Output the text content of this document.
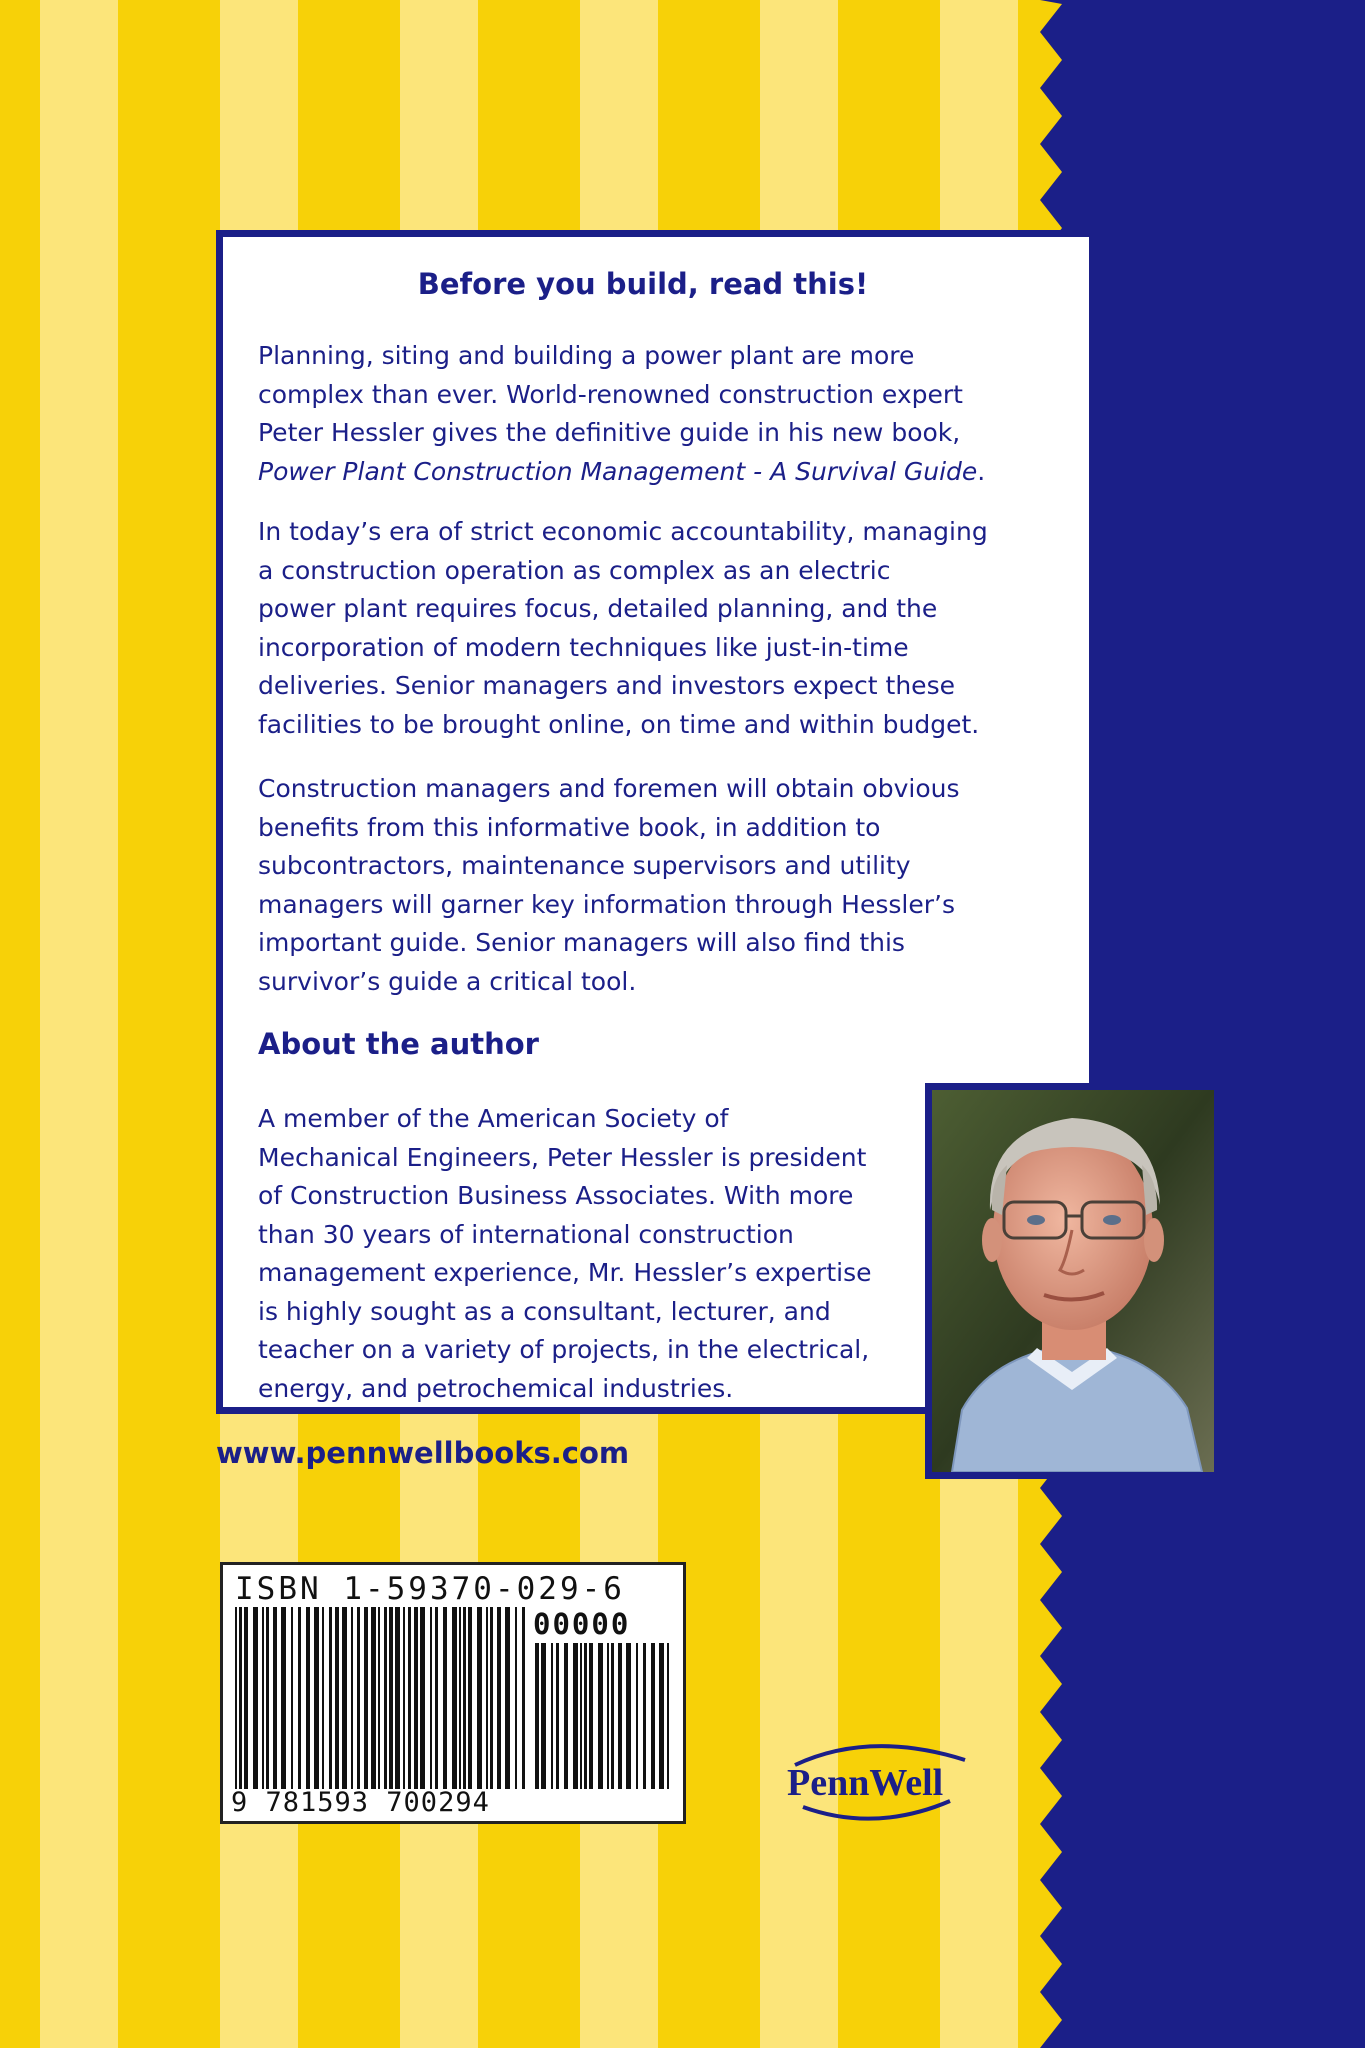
Before you build, read this!

Planning, siting and building a power plant are more
complex than ever. World-renowned construction expert
Peter Hessler gives the definitive guide in his new book,
Power Plant Construction Management - A Survival Guide.

In today’s era of strict economic accountability, managing
a construction operation as complex as an electric
power plant requires focus, detailed planning, and the
incorporation of modern techniques like just-in-time
deliveries. Senior managers and investors expect these
facilities to be brought online, on time and within budget.

Construction managers and foremen will obtain obvious
benefits from this informative book, in addition to
subcontractors, maintenance supervisors and utility
managers will garner key information through Hessler’s
important guide. Senior managers will also find this
survivor’s guide a critical tool.

About the author

A member of the American Society of
Mechanical Engineers, Peter Hessler is president
of Construction Business Associates. With more
than 30 years of international construction
management experience, Mr. Hessler’s expertise
is highly sought as a consultant, lecturer, and
teacher on a variety of projects, in the electrical,
energy, and petrochemical industries.

www.pennwellbooks.com

ISBN 1-59370-029-6

00000

9 781593 700294	PennWell
